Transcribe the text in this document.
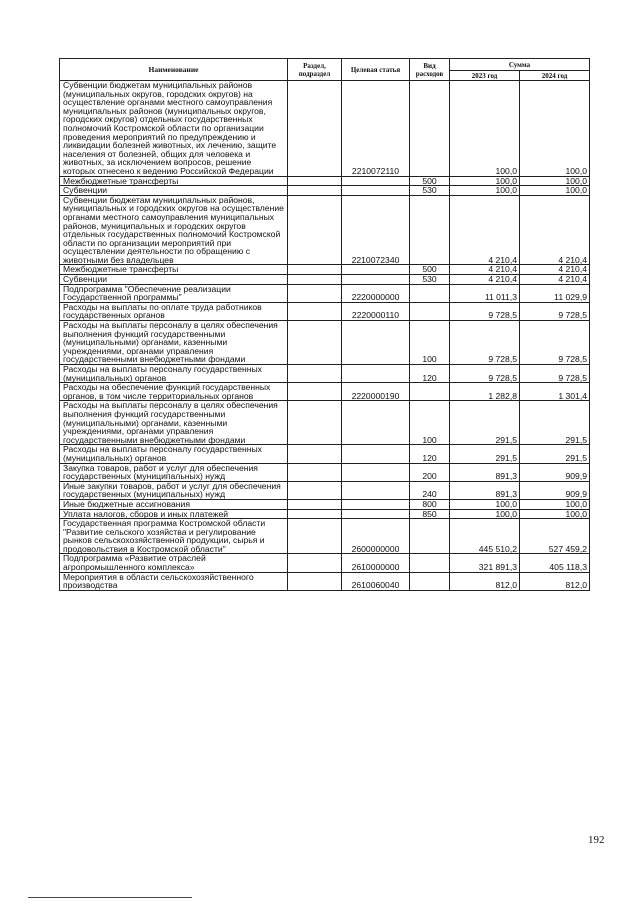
Наименование	Раздел, подраздел	Целевая статья	Вид расходов	Сумма	
				2023 год	2024 год
Субвенции бюджетам муниципальных районов (муниципальных округов, городских округов) на осуществление органами местного самоуправления муниципальных районов (муниципальных округов, городских округов) отдельных государственных полномочий Костромской области по организации проведения мероприятий по предупреждению и ликвидации болезней животных, их лечению, защите населения от болезней, общих для человека и животных, за исключением вопросов, решение которых отнесено к ведению Российской Федерации		2210072110		100,0	100,0
Межбюджетные трансферты			500	100,0	100,0
Субвенции			530	100,0	100,0
Субвенции бюджетам муниципальных районов, муниципальных и городских округов на осуществление органами местного самоуправления муниципальных районов, муниципальных и городских округов отдельных государственных полномочий Костромской области по организации мероприятий при осуществлении деятельности по обращению с животными без владельцев		2210072340		4 210,4	4 210,4
Межбюджетные трансферты			500	4 210,4	4 210,4
Субвенции			530	4 210,4	4 210,4
Подпрограмма "Обеспечение реализации Государственной программы"		2220000000		11 011,3	11 029,9
Расходы на выплаты по оплате труда работников государственных органов		2220000110		9 728,5	9 728,5
Расходы на выплаты персоналу в целях обеспечения выполнения функций государственными (муниципальными) органами, казенными учреждениями, органами управления государственными внебюджетными фондами			100	9 728,5	9 728,5
Расходы на выплаты персоналу государственных (муниципальных) органов			120	9 728,5	9 728,5
Расходы на обеспечение функций государственных органов, в том числе территориальных органов		2220000190		1 282,8	1 301,4
Расходы на выплаты персоналу в целях обеспечения выполнения функций государственными (муниципальными) органами, казенными учреждениями, органами управления государственными внебюджетными фондами			100	291,5	291,5
Расходы на выплаты персоналу государственных (муниципальных) органов			120	291,5	291,5
Закупка товаров, работ и услуг для обеспечения государственных (муниципальных) нужд			200	891,3	909,9
Иные закупки товаров, работ и услуг для обеспечения государственных (муниципальных) нужд			240	891,3	909,9
Иные бюджетные ассигнования			800	100,0	100,0
Уплата налогов, сборов и иных платежей			850	100,0	100,0
Государственная программа Костромской области "Развитие сельского хозяйства и регулирование рынков сельскохозяйственной продукции, сырья и продовольствия в Костромской области"		2600000000		445 510,2	527 459,2
Подпрограмма «Развитие отраслей агропромышленного комплекса»		2610000000		321 891,3	405 118,3
Мероприятия в области сельскохозяйственного производства		2610060040		812,0	812,0
192
